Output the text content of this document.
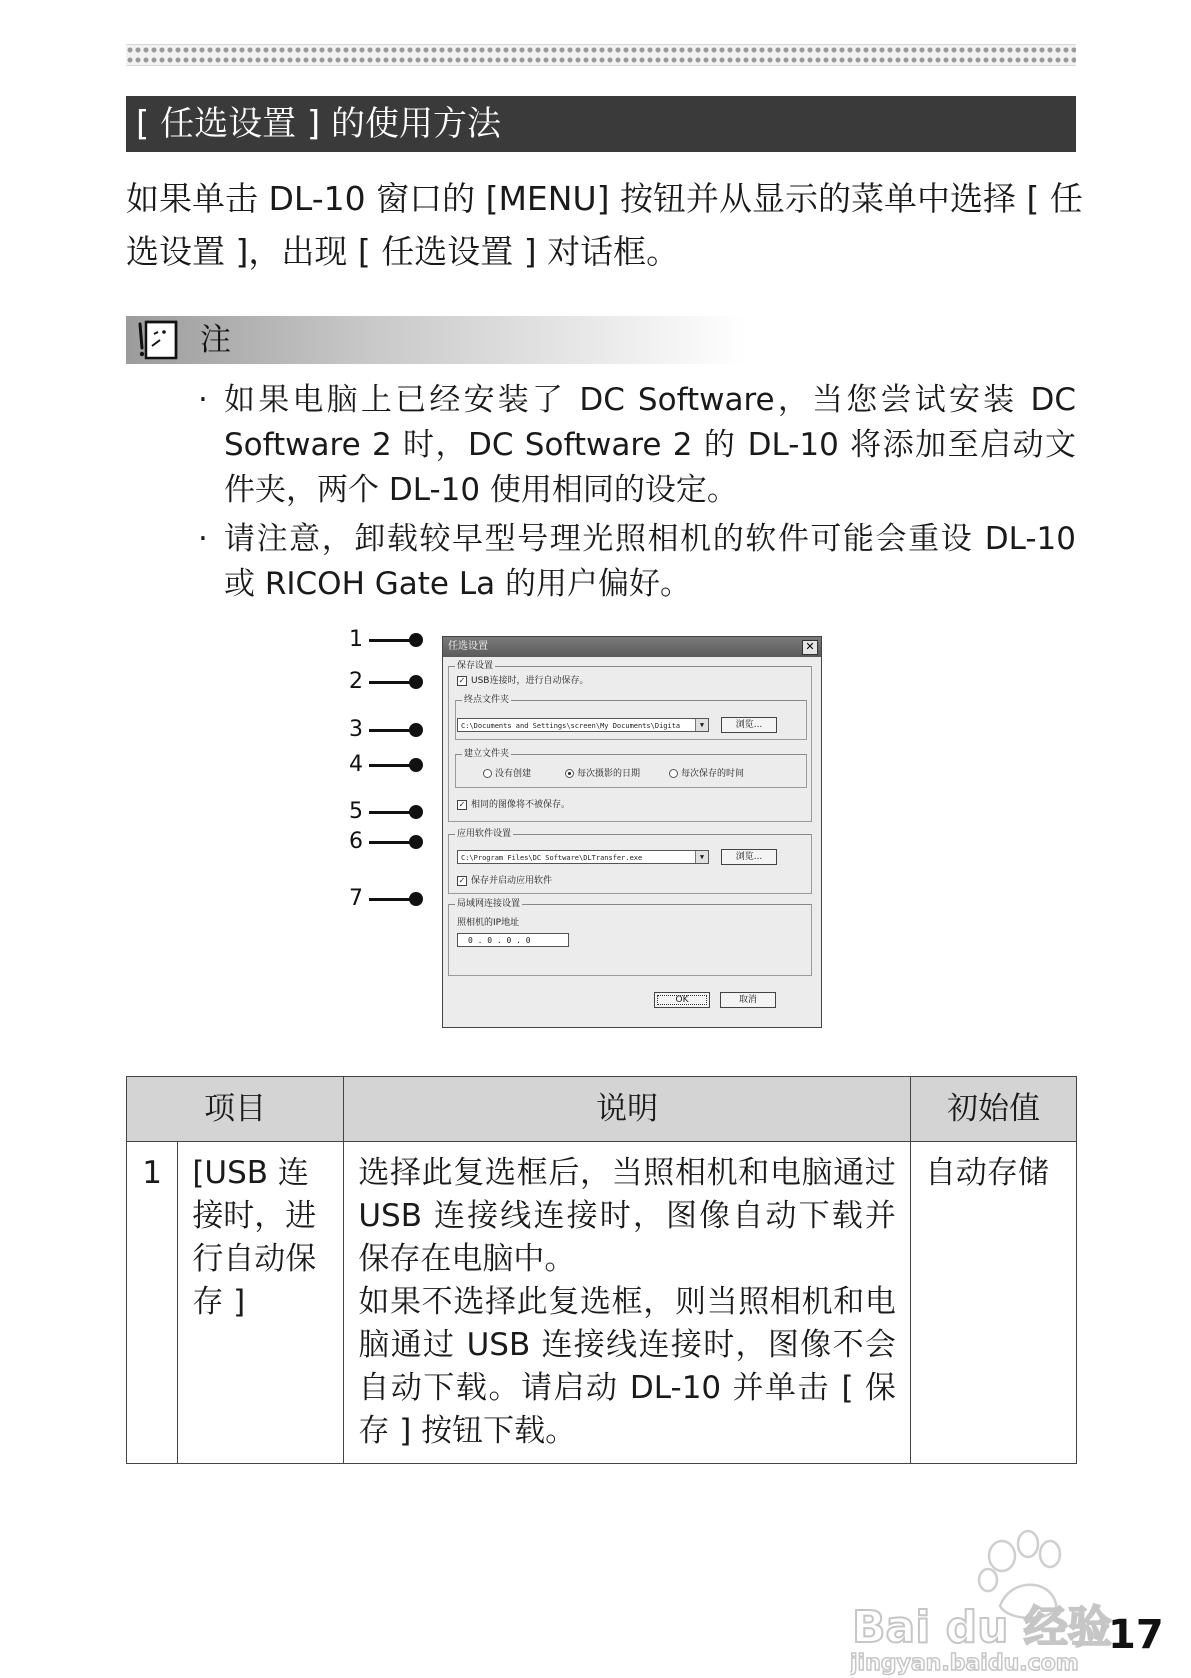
[ 任选设置 ] 的使用方法
如果单击 DL-10 窗口的 [MENU] 按钮并从显示的菜单中选择 [ 任选设置 ]，出现 [ 任选设置 ] 对话框。
注
· 如果电脑上已经安装了 DC Software，当您尝试安装 DC Software 2 时，DC Software 2 的 DL-10 将添加至启动文件夹，两个 DL-10 使用相同的设定。
· 请注意，卸载较早型号理光照相机的软件可能会重设 DL-10 或 RICOH Gate La 的用户偏好。
1
2
3
4
5
6
7
任选设置	✕
保存设置
✓ USB连接时，进行自动保存。
终点文件夹
C:\Documents and Settings\screen\My Documents\Digita	▼	浏览...
建立文件夹
没有创建	每次摄影的日期	每次保存的时间
✓ 相同的图像将不被保存。
应用软件设置
C:\Program Files\DC Software\DLTransfer.exe	▼	浏览...
✓ 保存并启动应用软件
局域网连接设置
照相机的IP地址
0 . 0 . 0 . 0
OK	取消
项目		说明	初始值
1	[USB 连接时，进行自动保存 ]	选择此复选框后，当照相机和电脑通过 USB 连接线连接时，图像自动下载并保存在电脑中。
如果不选择此复选框，则当照相机和电脑通过 USB 连接线连接时，图像不会自动下载。请启动 DL-10 并单击 [ 保存 ] 按钮下载。	自动存储
Bai du 经验
jingyan.baidu.com
17
